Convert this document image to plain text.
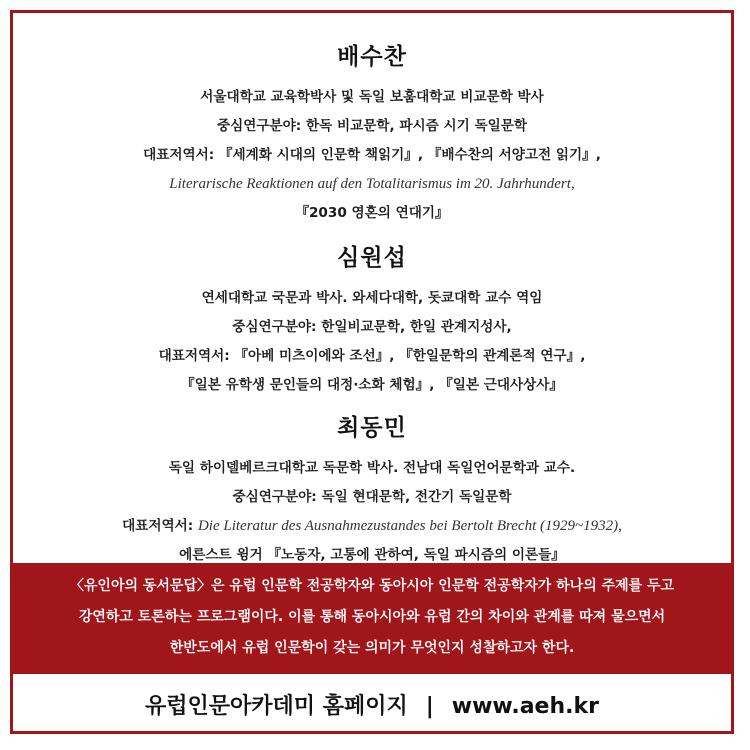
배수찬
서울대학교 교육학박사 및 독일 보훔대학교 비교문학 박사
중심연구분야: 한독 비교문학, 파시즘 시기 독일문학
대표저역서: 『세계화 시대의 인문학 책읽기』, 『배수찬의 서양고전 읽기』,
Literarische Reaktionen auf den Totalitarismus im 20. Jahrhundert,
『2030 영혼의 연대기』
심원섭
연세대학교 국문과 박사. 와세다대학, 돗쿄대학 교수 역임
중심연구분야: 한일비교문학, 한일 관계지성사,
대표저역서: 『아베 미츠이에와 조선』, 『한일문학의 관계론적 연구』,
『일본 유학생 문인들의 대정·소화 체험』, 『일본 근대사상사』
최동민
독일 하이델베르크대학교 독문학 박사. 전남대 독일언어문학과 교수.
중심연구분야: 독일 현대문학, 전간기 독일문학
대표저역서: Die Literatur des Ausnahmezustandes bei Bertolt Brecht (1929~1932),
에른스트 윙거 『노동자, 고통에 관하여, 독일 파시즘의 이론들』
〈유인아의 동서문답〉은 유럽 인문학 전공학자와 동아시아 인문학 전공학자가 하나의 주제를 두고
강연하고 토론하는 프로그램이다. 이를 통해 동아시아와 유럽 간의 차이와 관계를 따져 물으면서
한반도에서 유럽 인문학이 갖는 의미가 무엇인지 성찰하고자 한다.
유럽인문아카데미 홈페이지 | www.aeh.kr
